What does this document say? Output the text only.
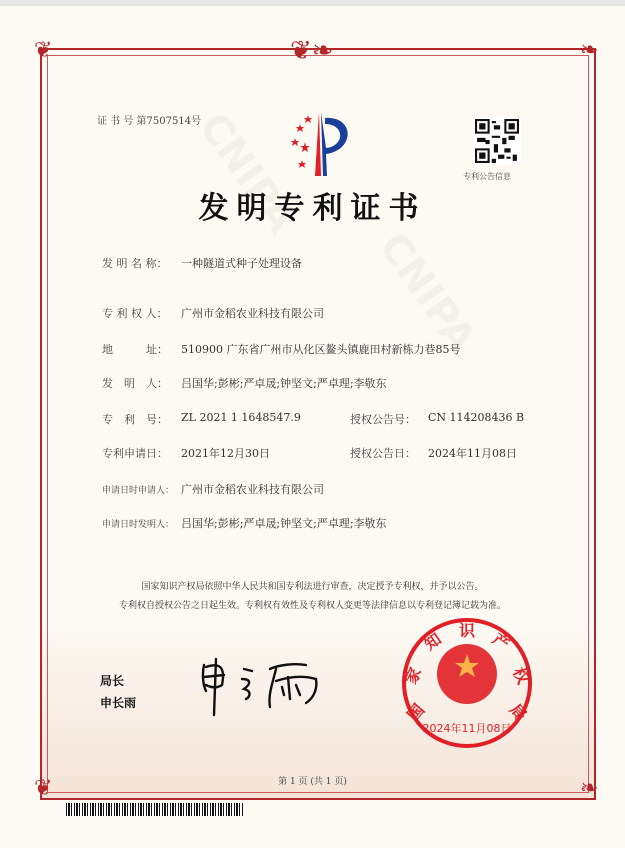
❦❧
❦	❧
❦	❧
证 书 号 第7507514号
专利公告信息
发明专利证书
发 明 名 称： 一种隧道式种子处理设备
专 利 权 人： 广州市金稻农业科技有限公司
地　　　址： 510900 广东省广州市从化区鳌头镇鹿田村新栋力巷85号
发　明　人： 吕国华;彭彬;严卓晟;钟坚文;严卓理;李敬东
专　利　号： ZL 2021 1 1648547.9	授权公告号： CN 114208436 B
专利申请日： 2021年12月30日	授权公告日： 2024年11月08日
申请日时申请人： 广州市金稻农业科技有限公司
申请日时发明人： 吕国华;彭彬;严卓晟;钟坚文;严卓理;李敬东
国家知识产权局依照中华人民共和国专利法进行审查，决定授予专利权，并予以公告。
专利权自授权公告之日起生效。专利权有效性及专利权人变更等法律信息以专利登记簿记载为准。
局长
申长雨	国
家
知 识 产
权
局
2024年11月08日
第 1 页 (共 1 页)
